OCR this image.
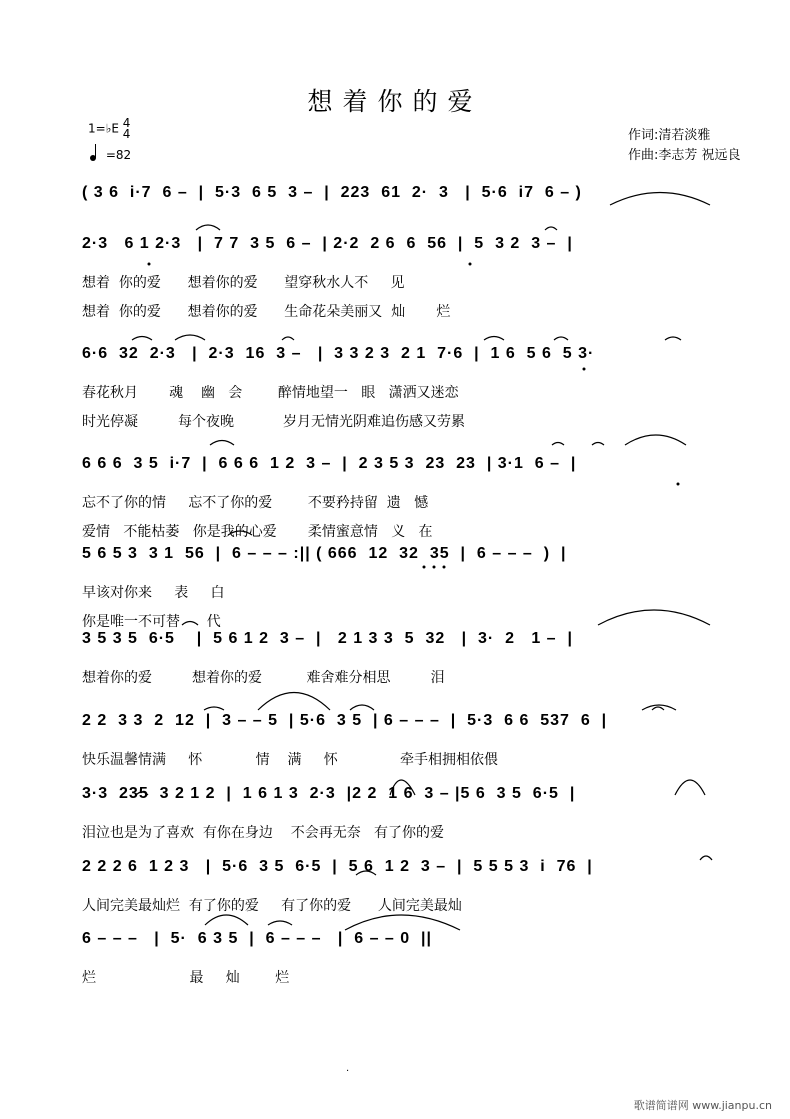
想着你的爱
1=♭E 4
4
=82
作词:清若淡雅
作曲:李志芳 祝远良
( 3 6  i·7  6 –  |  5·3  6 5  3 –  |  223  61  2·  3   |  5·6  i7  6 – )
2·3   6 1 2·3   |  7 7  3 5  6 –  | 2·2  2 6  6  56  |  5  3 2  3 –  |
想着  你的爱      想着你的爱      望穿秋水人不     见
想着  你的爱      想着你的爱      生命花朵美丽又  灿       烂
6·6  32  2·3   |  2·3  16  3 –   |  3 3 2 3  2 1  7·6  |  1 6  5 6  5 3·
春花秋月       魂    幽   会        醉情地望一   眼   潇洒又迷恋
时光停凝         每个夜晚           岁月无情光阴难追伤感又劳累
6 6 6  3 5  i·7  |  6 6 6  1 2  3 –  |  2 3 5 3  23  23  | 3·1  6 –  |
忘不了你的情     忘不了你的爱        不要矜持留  遗   憾
爱情   不能枯萎   你是我的心爱       柔情蜜意情   义   在
5 6 5 3  3 1  56  |  6 – – – :|| ( 666  12  32  35  |  6 – – –  )  |
早该对你来     表     白
你是唯一不可替      代
3 5 3 5  6·5    |  5 6 1 2  3 –  |   2 1 3 3  5  32   |  3·  2   1 –  |
想着你的爱         想着你的爱          难舍难分相思         泪
2 2  3 3  2  12  |  3 – – 5  | 5·6  3 5  | 6 – – –  |  5·3  6 6  537  6  |
快乐温馨情满     怀            情    满     怀              牵手相拥相依偎
3·3  235  3 2 1 2  |  1 6 1 3  2·3  |2 2  1 6  3 – |5 6  3 5  6·5  |
泪泣也是为了喜欢  有你在身边    不会再无奈   有了你的爱
2 2 2 6  1 2 3   |  5·6  3 5  6·5  |  5 6  1 2  3 –  |  5 5 5 3  i  76  |
人间完美最灿烂  有了你的爱     有了你的爱      人间完美最灿
6 – – –   |  5·  6 3 5  |  6 – – –   |  6 – – 0  ||
烂                     最     灿        烂
·
歌谱简谱网 www.jianpu.cn
